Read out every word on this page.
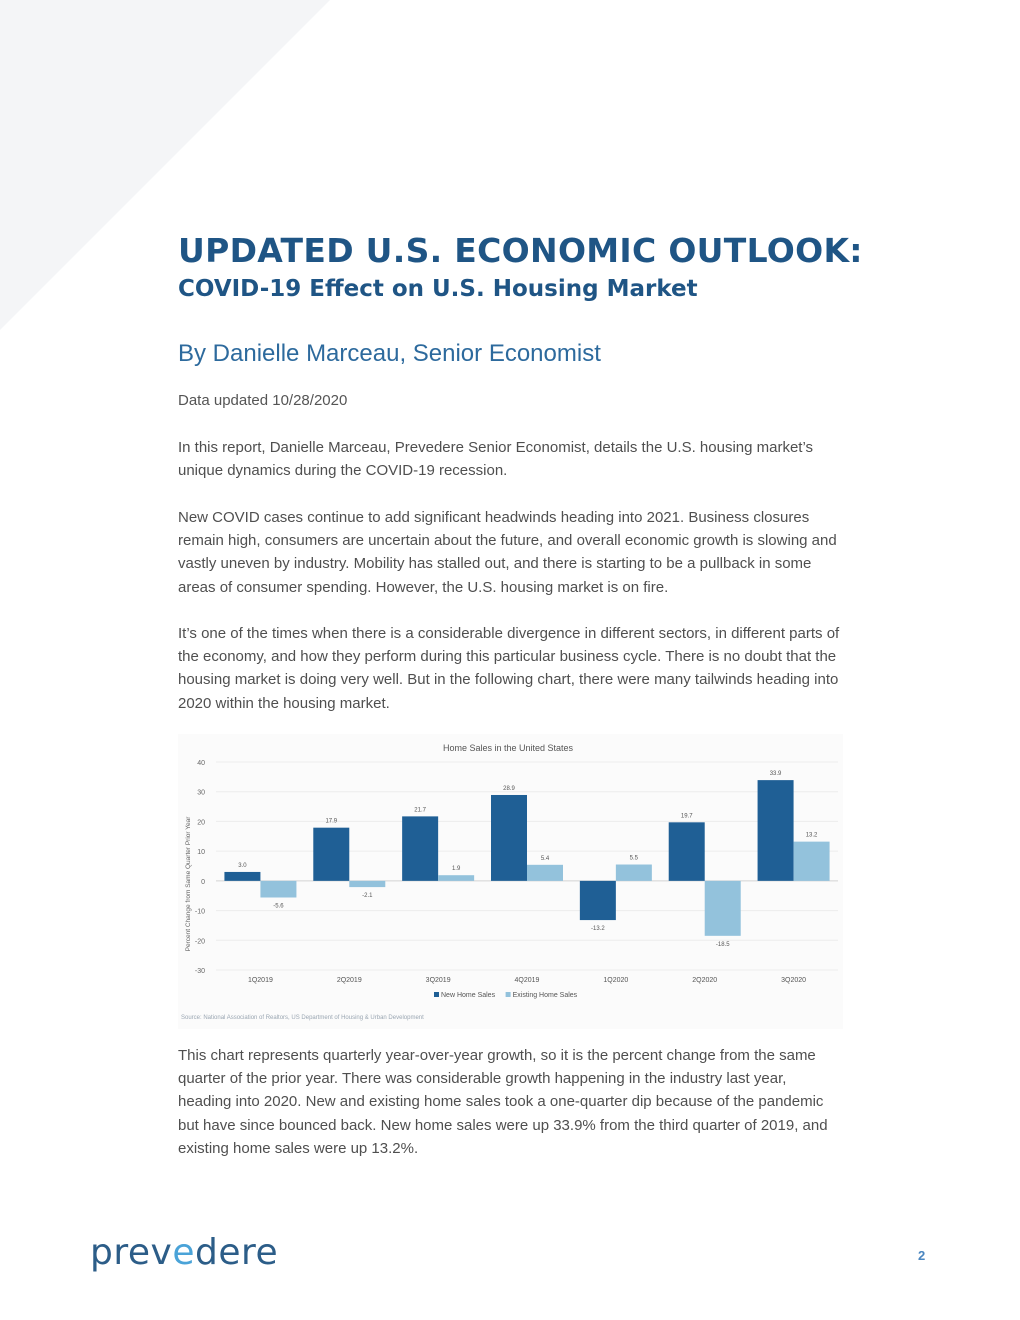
UPDATED U.S. ECONOMIC OUTLOOK:
COVID-19 Effect on U.S. Housing Market
By Danielle Marceau, Senior Economist
Data updated 10/28/2020

In this report, Danielle Marceau, Prevedere Senior Economist, details the U.S. housing market’s unique dynamics during the COVID-19 recession.

New COVID cases continue to add significant headwinds heading into 2021. Business closures remain high, consumers are uncertain about the future, and overall economic growth is slowing and vastly uneven by industry. Mobility has stalled out, and there is starting to be a pullback in some areas of consumer spending. However, the U.S. housing market is on fire.

It’s one of the times when there is a considerable divergence in different sectors, in different parts of the economy, and how they perform during this particular business cycle. There is no doubt that the housing market is doing very well. But in the following chart, there were many tailwinds heading into 2020 within the housing market.

Home Sales in the United States
-30
-20
-10
0
10
20
30
40
Percent Change from Same Quarter Prior Year	3.0
-5.6
17.9
-2.1
21.7
1.9
28.9
5.4
-13.2
5.5
19.7
-18.5
33.9
13.2
1Q2019	2Q2019	3Q2019	4Q2019	1Q2020	2Q2020	3Q2020
New Home Sales	Existing Home Sales
Source: National Association of Realtors, US Department of Housing & Urban Development

This chart represents quarterly year-over-year growth, so it is the percent change from the same quarter of the prior year. There was considerable growth happening in the industry last year, heading into 2020. New and existing home sales took a one-quarter dip because of the pandemic but have since bounced back. New home sales were up 33.9% from the third quarter of 2019, and existing home sales were up 13.2%.

prevedere	2
